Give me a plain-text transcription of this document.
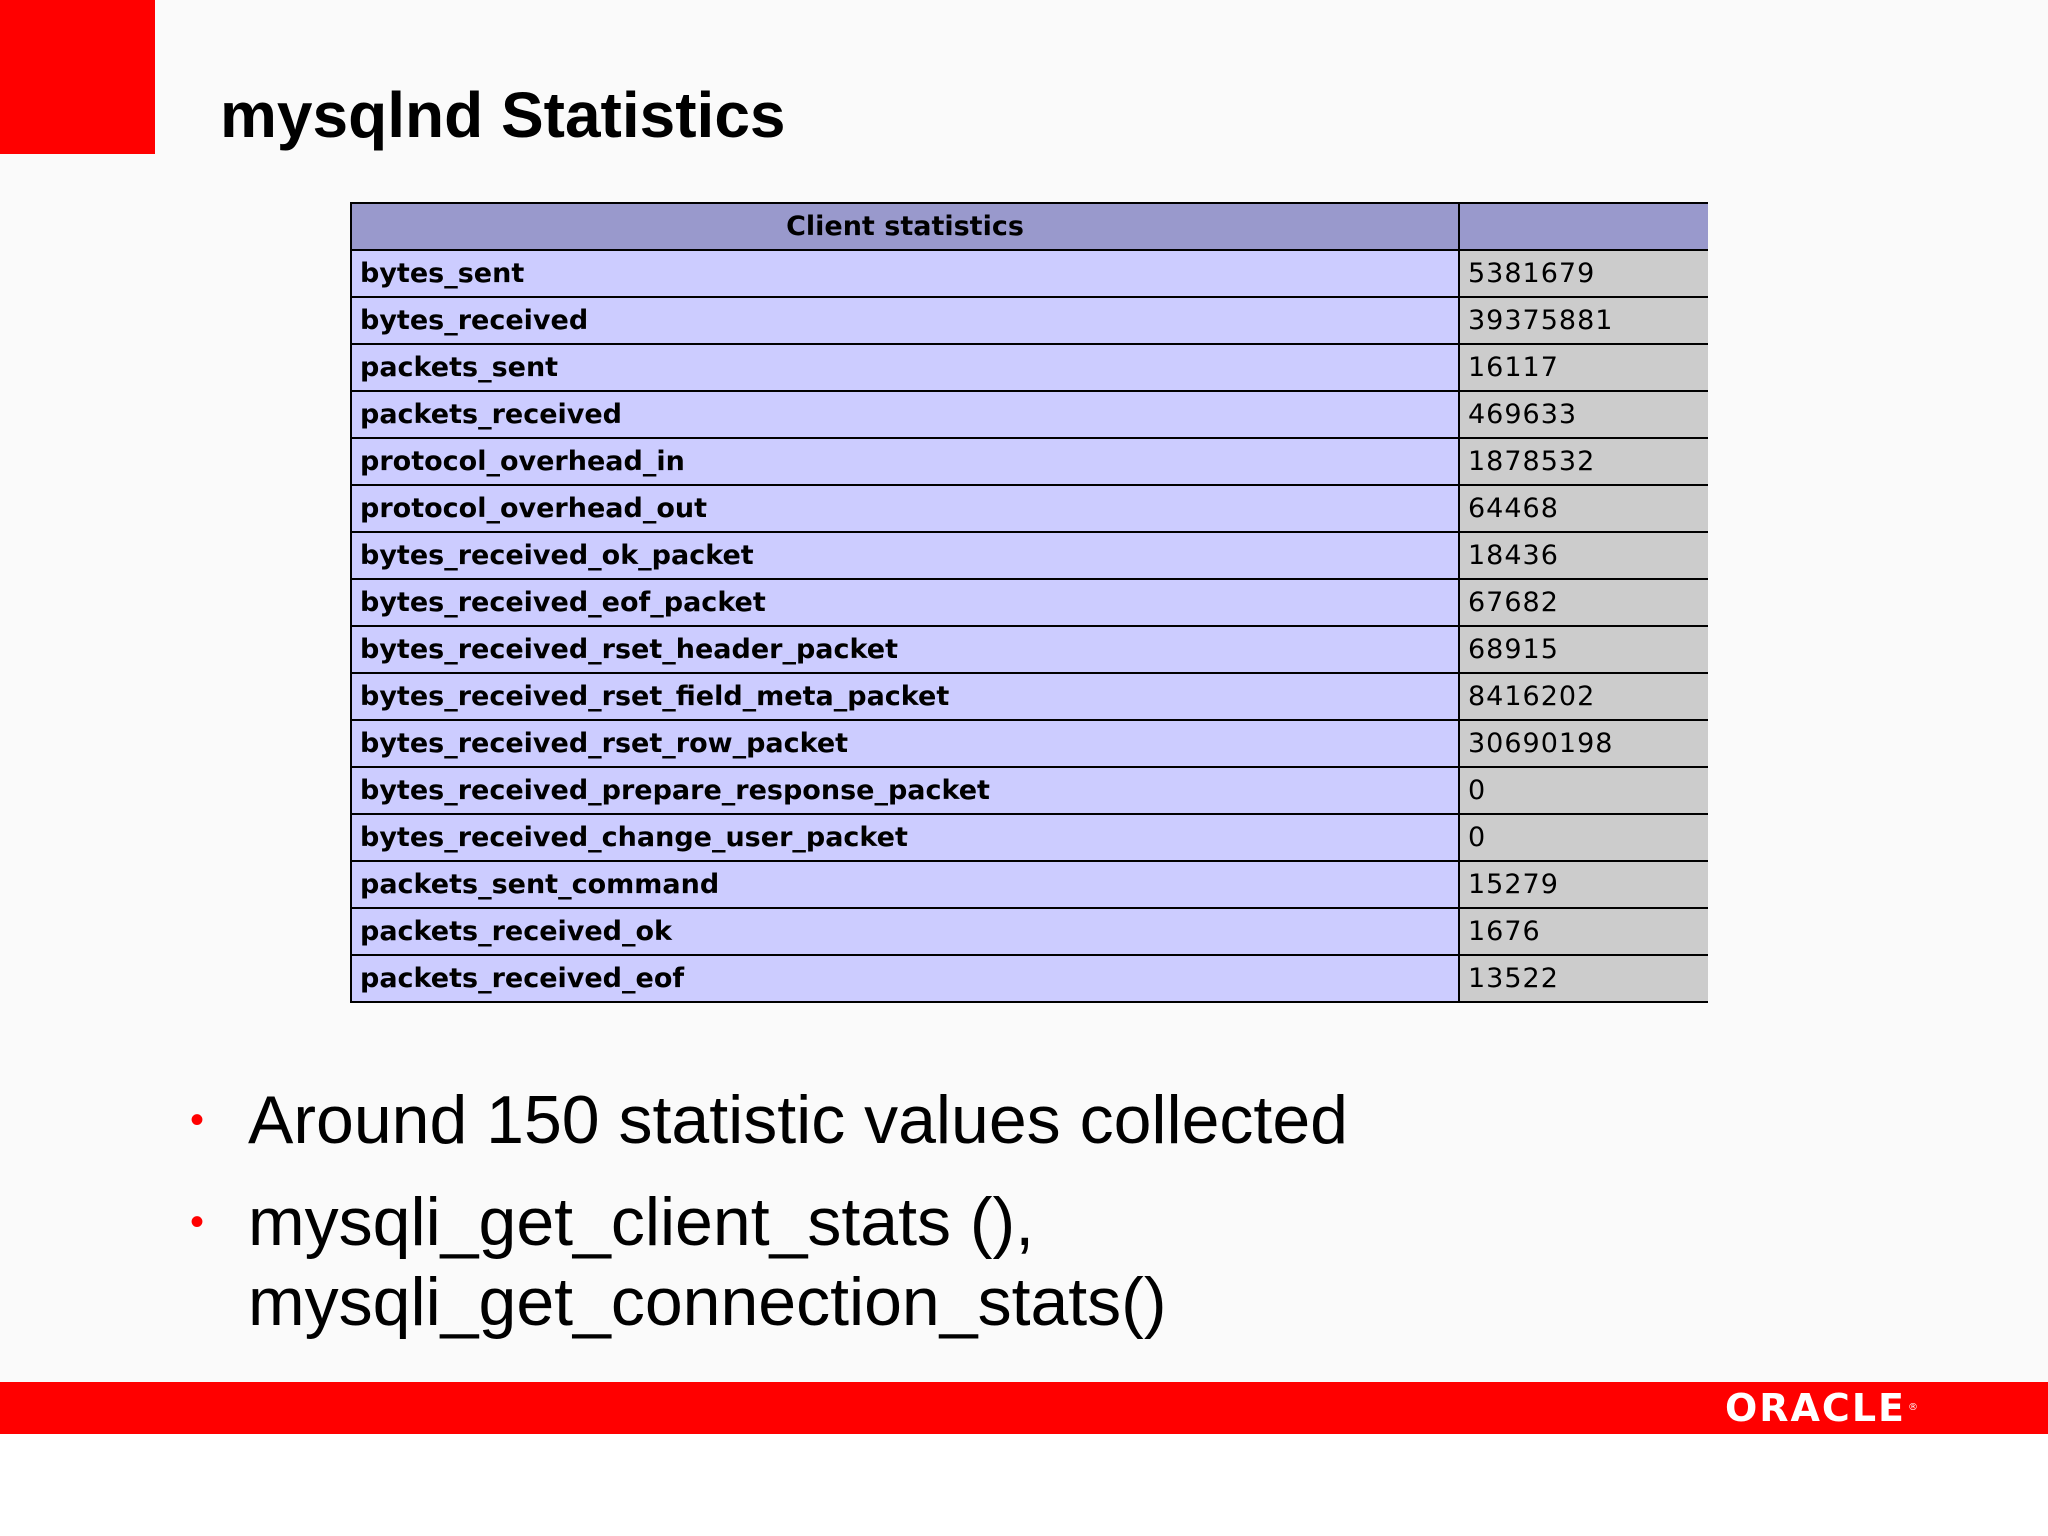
mysqlnd Statistics
Client statistics	
bytes_sent	5381679
bytes_received	39375881
packets_sent	16117
packets_received	469633
protocol_overhead_in	1878532
protocol_overhead_out	64468
bytes_received_ok_packet	18436
bytes_received_eof_packet	67682
bytes_received_rset_header_packet	68915
bytes_received_rset_field_meta_packet	8416202
bytes_received_rset_row_packet	30690198
bytes_received_prepare_response_packet	0
bytes_received_change_user_packet	0
packets_sent_command	15279
packets_received_ok	1676
packets_received_eof	13522
• Around 150 statistic values collected
• mysqli_get_client_stats (),
mysqli_get_connection_stats()
ORACLE ®
